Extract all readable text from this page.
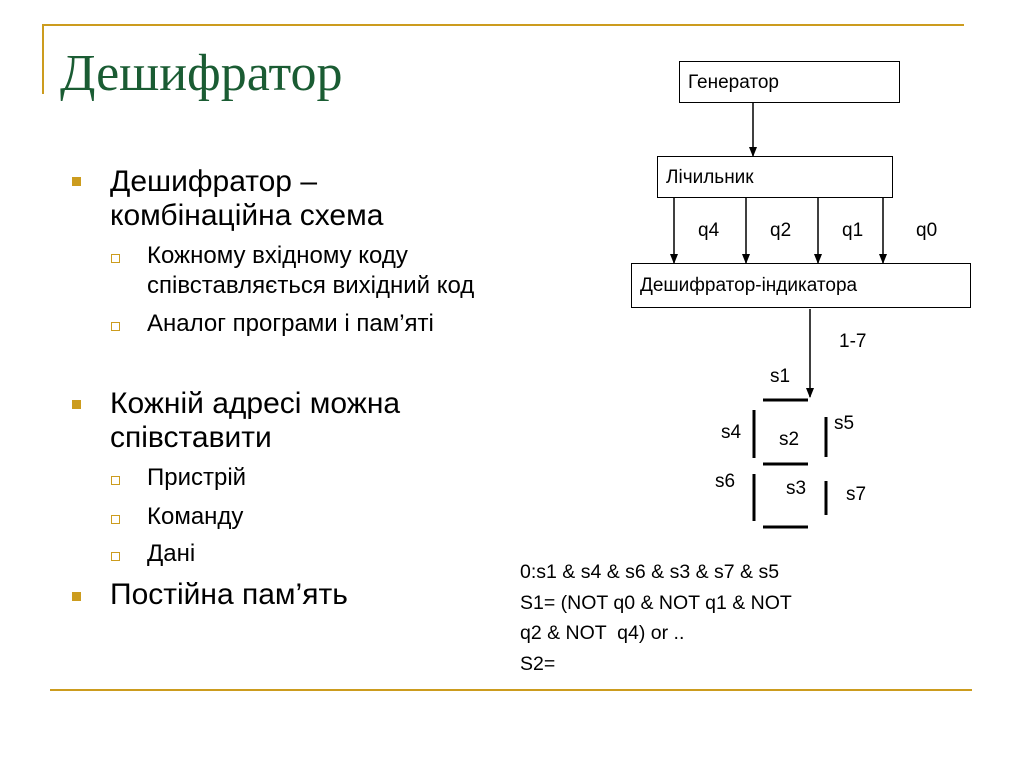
Дешифратор
Дешифратор –
комбінаційна схема
Кожному вхідному коду
співставляється вихідний код
Аналог програми і пам’яті
Кожній адресі можна
співставити
Пристрій
Команду
Дані
Постійна пам’ять
Генератор
Лічильник
Дешифратор-індикатора
q4	q2	q1	q0
1-7
s1
s4	s5
s2
s6	s3 s7
0:s1 & s4 & s6 & s3 & s7 & s5
S1= (NOT q0 & NOT q1 & NOT
q2 & NOT  q4) or ..
S2=
